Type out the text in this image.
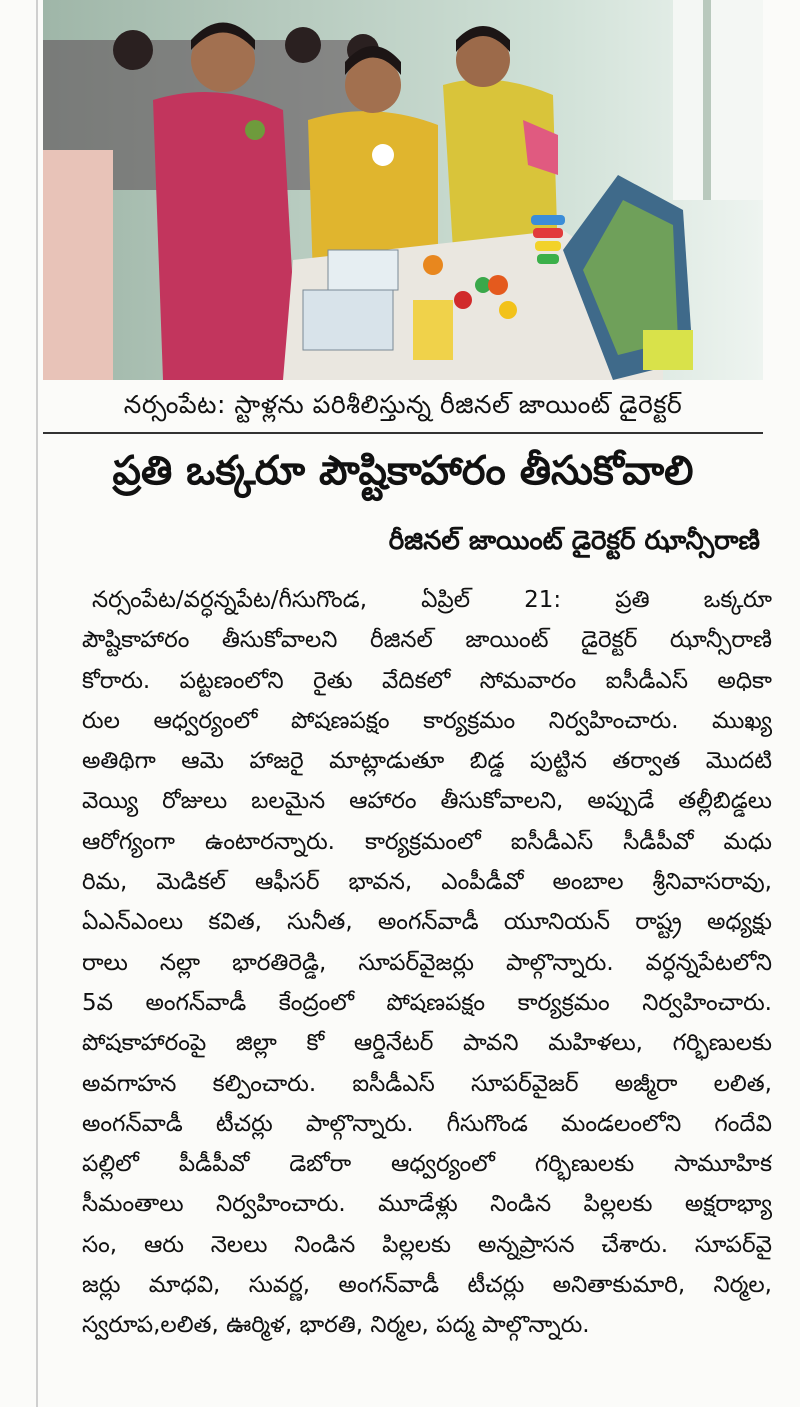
నర్సంపేట: స్టాళ్లను పరిశీలిస్తున్న రీజినల్ జాయింట్ డైరెక్టర్
ప్రతి ఒక్కరూ పౌష్టికాహారం తీసుకోవాలి
రీజినల్ జాయింట్ డైరెక్టర్ ఝాన్సీరాణి
నర్సంపేట/వర్ధన్నపేట/గీసుగొండ, ఏప్రిల్ 21: ప్రతి ఒక్కరూ
పౌష్టికాహారం తీసుకోవాలని రీజినల్ జాయింట్ డైరెక్టర్ ఝాన్సీరాణి
కోరారు. పట్టణంలోని రైతు వేదికలో సోమవారం ఐసీడీఎస్ అధికా
రుల ఆధ్వర్యంలో పోషణపక్షం కార్యక్రమం నిర్వహించారు. ముఖ్య
అతిథిగా ఆమె హాజరై మాట్లాడుతూ బిడ్డ పుట్టిన తర్వాత మొదటి
వెయ్యి రోజులు బలమైన ఆహారం తీసుకోవాలని, అప్పుడే తల్లీబిడ్డలు
ఆరోగ్యంగా ఉంటారన్నారు. కార్యక్రమంలో ఐసీడీఎస్ సీడీపీవో మధు
రిమ, మెడికల్ ఆఫీసర్ భావన, ఎంపీడీవో అంబాల శ్రీనివాసరావు,
ఏఎన్ఎంలు కవిత, సునీత, అంగన్‌వాడీ యూనియన్ రాష్ట్ర అధ్యక్షు
రాలు నల్లా భారతిరెడ్డి, సూపర్‌వైజర్లు పాల్గొన్నారు. వర్ధన్నపేటలోని
5వ అంగన్‌వాడీ కేంద్రంలో పోషణపక్షం కార్యక్రమం నిర్వహించారు.
పోషకాహారంపై జిల్లా కో ఆర్డినేటర్ పావని మహిళలు, గర్భిణులకు
అవగాహన కల్పించారు. ఐసీడీఎస్ సూపర్‌వైజర్ అజ్మీరా లలిత,
అంగన్‌వాడీ టీచర్లు పాల్గొన్నారు. గీసుగొండ మండలంలోని గందేవి
పల్లిలో పీడీపీవో డెబోరా ఆధ్వర్యంలో గర్భిణులకు సామూహిక
సీమంతాలు నిర్వహించారు. మూడేళ్లు నిండిన పిల్లలకు అక్షరాభ్యా
సం, ఆరు నెలలు నిండిన పిల్లలకు అన్నప్రాసన చేశారు. సూపర్‌వై
జర్లు మాధవి, సువర్ణ, అంగన్‌వాడీ టీచర్లు అనితాకుమారి, నిర్మల,
స్వరూప,లలిత, ఊర్మిళ, భారతి, నిర్మల, పద్మ పాల్గొన్నారు.
